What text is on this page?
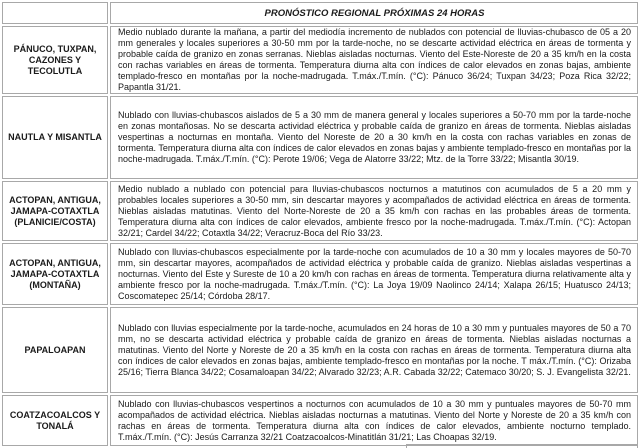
PRONÓSTICO REGIONAL PRÓXIMAS 24 HORAS
PÁNUCO, TUXPAN, CAZONES Y TECOLUTLA
Medio nublado durante la mañana, a partir del mediodía incremento de nublados con potencial de lluvias-chubasco de 05 a 20 mm generales y locales superiores a 30-50 mm por la tarde-noche, no se descarte actividad eléctrica en áreas de tormenta y probable caída de granizo en zonas serranas. Nieblas aisladas nocturnas. Viento del Este-Noreste de 20 a 35 km/h en la costa con rachas variables en áreas de tormenta. Temperatura diurna alta con índices de calor elevados en zonas bajas, ambiente templado-fresco en montañas por la noche-madrugada. T.máx./T.mín. (°C): Pánuco 36/24; Tuxpan 34/23; Poza Rica 32/22; Papantla 31/21.
NAUTLA Y MISANTLA
Nublado con lluvias-chubascos aislados de 5 a 30 mm de manera general y locales superiores a 50-70 mm por la tarde-noche en zonas montañosas. No se descarta actividad eléctrica y probable caída de granizo en áreas de tormenta. Nieblas aisladas vespertinas a nocturnas en montaña. Viento del Noreste de 20 a 30 km/h en la costa con rachas variables en zonas de tormenta. Temperatura diurna alta con índices de calor elevados en zonas bajas y ambiente templado-fresco en montañas por la noche-madrugada. T.máx./T.mín. (°C): Perote 19/06; Vega de Alatorre 33/22; Mtz. de la Torre 33/22; Misantla 30/19.
ACTOPAN, ANTIGUA, JAMAPA-COTAXTLA (PLANICIE/COSTA)
Medio nublado a nublado con potencial para lluvias-chubascos nocturnos a matutinos con acumulados de 5 a 20 mm y probables locales superiores a 30-50 mm, sin descartar mayores y acompañados de actividad eléctrica en áreas de tormenta. Nieblas aisladas matutinas. Viento del Norte-Noreste de 20 a 35 km/h con rachas en las probables áreas de tormenta. Temperatura diurna alta con índices de calor elevados, ambiente fresco por la noche-madrugada. T.máx./T.mín. (°C): Actopan 32/21; Cardel 34/22; Cotaxtla 34/22; Veracruz-Boca del Río 33/23.
ACTOPAN, ANTIGUA, JAMAPA-COTAXTLA (MONTAÑA)
Nublado con lluvias-chubascos especialmente por la tarde-noche con acumulados de 10 a 30 mm y locales mayores de 50-70 mm, sin descartar mayores, acompañados de actividad eléctrica y probable caída de granizo. Nieblas aisladas vespertinas a nocturnas. Viento del Este y Sureste de 10 a 20 km/h con rachas en áreas de tormenta. Temperatura diurna relativamente alta y ambiente fresco por la noche-madrugada. T.máx./T.mín. (°C): La Joya 19/09 Naolinco 24/14; Xalapa 26/15; Huatusco 24/13; Coscomatepec 25/14; Córdoba 28/17.
PAPALOAPAN
Nublado con lluvias especialmente por la tarde-noche, acumulados en 24 horas de 10 a 30 mm y puntuales mayores de 50 a 70 mm, no se descarta actividad eléctrica y probable caída de granizo en áreas de tormenta. Nieblas aisladas nocturnas a matutinas. Viento del Norte y Noreste de 20 a 35 km/h en la costa con rachas en áreas de tormenta. Temperatura diurna alta con índices de calor elevados en zonas bajas, ambiente templado-fresco en montañas por la noche. T máx./T.mín. (°C): Orizaba 25/16; Tierra Blanca 34/22; Cosamaloapan 34/22; Alvarado 32/23; A.R. Cabada 32/22; Catemaco 30/20; S. J. Evangelista 32/21.
COATZACOALCOS Y TONALÁ
Nublado con lluvias-chubascos vespertinos a nocturnos con acumulados de 10 a 30 mm y puntuales mayores de 50-70 mm acompañados de actividad eléctrica. Nieblas aisladas nocturnas a matutinas. Viento del Norte y Noreste de 20 a 35 km/h con rachas en áreas de tormenta. Temperatura diurna alta con índices de calor elevados, ambiente nocturno templado. T.máx./T.mín. (°C): Jesús Carranza 32/21 Coatzacoalcos-Minatitlán 31/21; Las Choapas 32/19.
